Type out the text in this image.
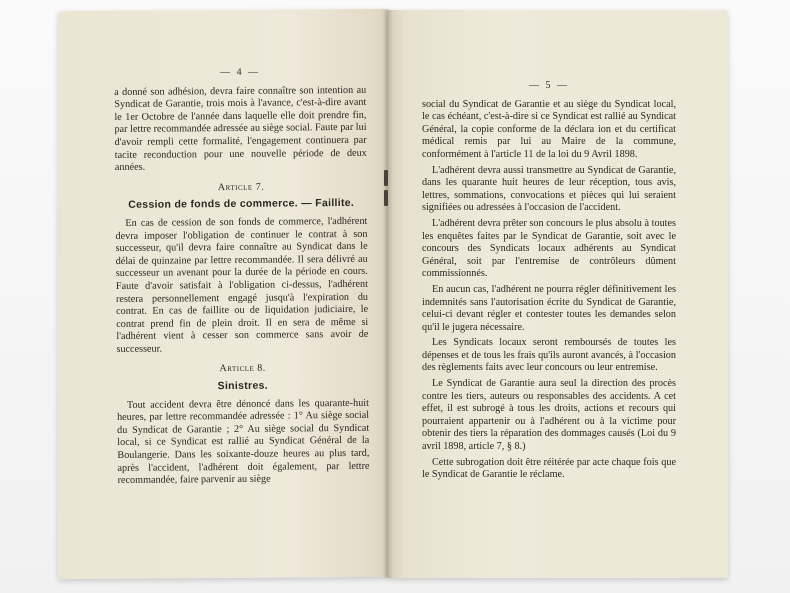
— 4 —

a donné son adhésion, devra faire connaître son intention au Syndicat de Garantie, trois mois à l'avance, c'est-à-dire avant le 1er Octobre de l'année dans laquelle elle doit prendre fin, par lettre recommandée adressée au siège social. Faute par lui d'avoir rempli cette formalité, l'engagement continuera par tacite reconduction pour une nouvelle période de deux années.

Article 7.
Cession de fonds de commerce. — Faillite.

En cas de cession de son fonds de commerce, l'adhérent devra imposer l'obligation de continuer le contrat à son successeur, qu'il devra faire connaître au Syndicat dans le délai de quinzaine par lettre recommandée. Il sera délivré au successeur un avenant pour la durée de la période en cours. Faute d'avoir satisfait à l'obligation ci-dessus, l'adhérent restera personnellement engagé jusqu'à l'expiration du contrat. En cas de faillite ou de liquidation judiciaire, le contrat prend fin de plein droit. Il en sera de même si l'adhérent vient à cesser son commerce sans avoir de successeur.

Article 8.
Sinistres.

Tout accident devra être dénoncé dans les quarante-huit heures, par lettre recommandée adressée : 1° Au siège social du Syndicat de Garantie ; 2° Au siège social du Syndicat local, si ce Syndicat est rallié au Syndicat Général de la Boulangerie. Dans les soixante-douze heures au plus tard, après l'accident, l'adhérent doit également, par lettre recommandée, faire parvenir au siège

— 5 —

social du Syndicat de Garantie et au siège du Syndicat local, le cas échéant, c'est-à-dire si ce Syndicat est rallié au Syndicat Général, la copie conforme de la déclara ion et du certificat médical remis par lui au Maire de la commune, conformément à l'article 11 de la loi du 9 Avril 1898.

L'adhérent devra aussi transmettre au Syndicat de Garantie, dans les quarante huit heures de leur réception, tous avis, lettres, sommations, convocations et pièces qui lui seraient signifiées ou adressées à l'occasion de l'accident.

L'adhérent devra prêter son concours le plus absolu à toutes les enquêtes faites par le Syndicat de Garantie, soit avec le concours des Syndicats locaux adhérents au Syndicat Général, soit par l'entremise de contrôleurs dûment commissionnés.

En aucun cas, l'adhérent ne pourra régler définitivement les indemnités sans l'autorisation écrite du Syndicat de Garantie, celui-ci devant régler et contester toutes les demandes selon qu'il le jugera nécessaire.

Les Syndicats locaux seront remboursés de toutes les dépenses et de tous les frais qu'ils auront avancés, à l'occasion des règlements faits avec leur concours ou leur entremise.

Le Syndicat de Garantie aura seul la direction des procès contre les tiers, auteurs ou responsables des accidents. A cet effet, il est subrogé à tous les droits, actions et recours qui pourraient appartenir ou à l'adhérent ou à la victime pour obtenir des tiers la réparation des dommages causés (Loi du 9 avril 1898, article 7, § 8.)

Cette subrogation doit être réitérée par acte chaque fois que le Syndicat de Garantie le réclame.
